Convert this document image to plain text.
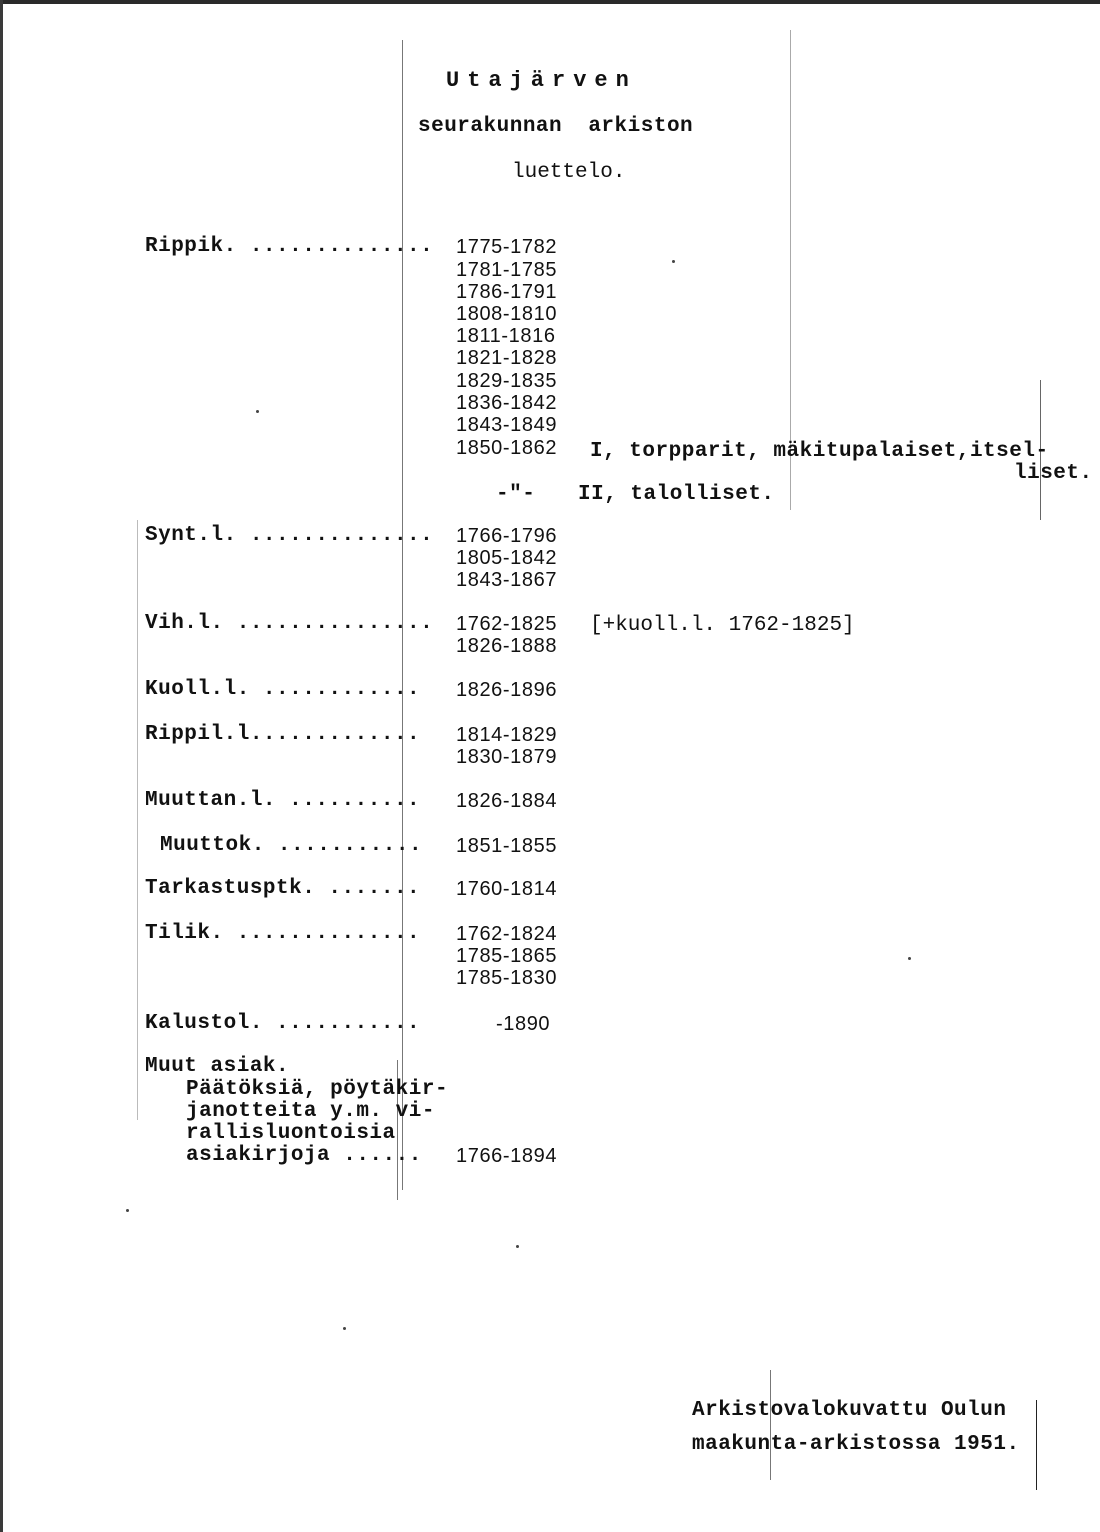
Utajärven
seurakunnan  arkiston
luettelo.
Rippik. .............. 1775-1782
1781-1785
1786-1791
1808-1810
1811-1816
1821-1828
1829-1835
1836-1842
1843-1849
1850-1862 I, torpparit, mäkitupalaiset,itsel-
liset.
-"- II, talolliset.
Synt.l. .............. 1766-1796
1805-1842
1843-1867
Vih.l. ............... 1762-1825
1826-1888
[+kuoll.l. 1762-1825]
Kuoll.l. ............ 1826-1896
Rippil.l............. 1814-1829
1830-1879
Muuttan.l. .......... 1826-1884
Muuttok. ........... 1851-1855
Tarkastusptk. ....... 1760-1814
Tilik. .............. 1762-1824
1785-1865
1785-1830
Kalustol. ...........	-1890
Muut asiak.
Päätöksiä, pöytäkir-
janotteita y.m. vi-
rallisluontoisia
asiakirjoja ...... 1766-1894
Arkistovalokuvattu Oulun
maakunta-arkistossa 1951.
